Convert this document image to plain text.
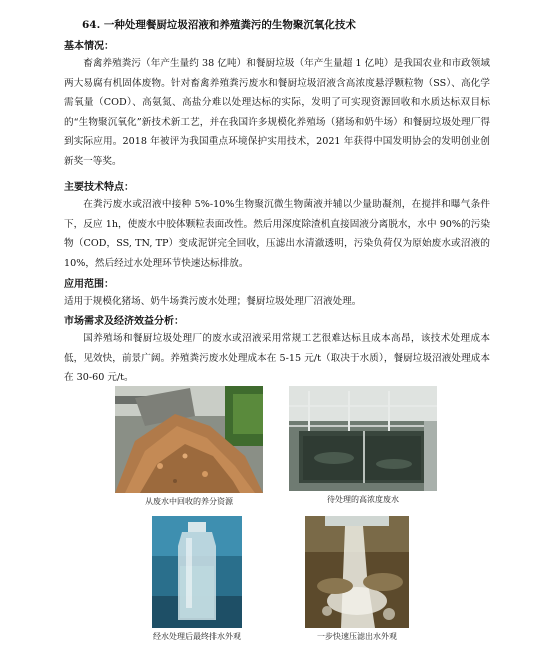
64. 一种处理餐厨垃圾沼液和养殖粪污的生物聚沉氧化技术
基本情况：

畜禽养殖粪污（年产生量约 38 亿吨）和餐厨垃圾（年产生量超 1 亿吨）是我国农业和市政领域两大易腐有机固体废物。针对畜禽养殖粪污废水和餐厨垃圾沼液含高浓度悬浮颗粒物（SS）、高化学需氧量（COD）、高氨氮、高盐分难以处理达标的实际，发明了可实现资源回收和水质达标双目标的“生物聚沉氧化”新技术新工艺，并在我国许多规模化养殖场（猪场和奶牛场）和餐厨垃圾处理厂得到实际应用。2018 年被评为我国重点环境保护实用技术，2021 年获得中国发明协会的发明创业创新奖一等奖。

主要技术特点：

在粪污废水或沼液中接种 5%-10%生物聚沉微生物菌液并辅以少量助凝剂，在搅拌和曝气条件下，反应 1h，使废水中胶体颗粒表面改性。然后用深度除渣机直接固液分离脱水，水中 90%的污染物（COD，SS, TN, TP）变成泥饼完全回收，压滤出水清澈透明，污染负荷仅为原始废水或沼液的 10%，然后经过水处理环节快速达标排放。

应用范围：

适用于规模化猪场、奶牛场粪污废水处理；餐厨垃圾处理厂沼液处理。

市场需求及经济效益分析：

国养殖场和餐厨垃圾处理厂的废水或沼液采用常规工艺很难达标且成本高昂，该技术处理成本低，见效快，前景广阔。养殖粪污废水处理成本在 5-15 元/t（取决于水质），餐厨垃圾沼液处理成本在 30-60 元/t。

从废水中回收的养分资源	待处理的高浓度废水
经水处理后最终排水外观	一步快速压滤出水外观
